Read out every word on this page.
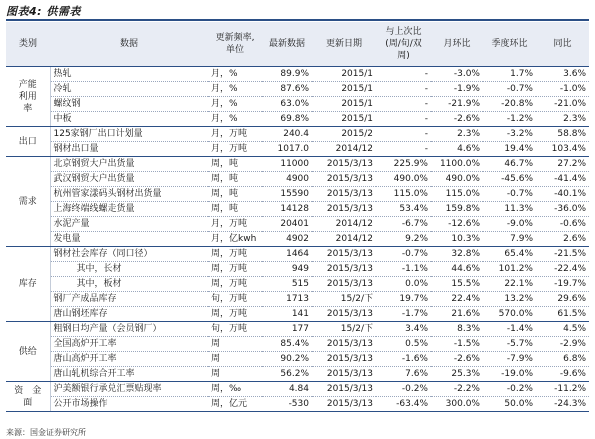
图表4: 供需表
类别	数据	更新频率,
单位	最新数据	更新日期	与上次比
(周/旬/双
周)	月环比	季度环比	同比
产能
利用
率	热轧	月，%	89.9%	2015/1	-	-3.0%	1.7%	3.6%
	冷轧	月，%	87.6%	2015/1	-	-1.9%	-0.7%	-1.0%
	螺纹钢	月，%	63.0%	2015/1	-	-21.9%	-20.8%	-21.0%
	中板	月，%	69.8%	2015/1	-	-2.6%	-1.2%	2.3%
出口	125家钢厂出口计划量	月，万吨	240.4	2015/2	-	2.3%	-3.2%	58.8%
	钢材出口量	月，万吨	1017.0	2014/12	-	4.6%	19.4%	103.4%
需求	北京钢贸大户出货量	周，吨	11000	2015/3/13	225.9%	1100.0%	46.7%	27.2%
	武汉钢贸大户出货量	周，吨	4900	2015/3/13	490.0%	490.0%	-45.6%	-41.4%
	杭州管家漾码头钢材出货量	周，吨	15590	2015/3/13	115.0%	115.0%	-0.7%	-40.1%
	上海终端线螺走货量	周，吨	14128	2015/3/13	53.4%	159.8%	11.3%	-36.0%
	水泥产量	月，万吨	20401	2014/12	-6.7%	-12.6%	-9.0%	-0.6%
	发电量	月，亿kwh	4902	2014/12	9.2%	10.3%	7.9%	2.6%
库存	钢材社会库存（同口径）	周，万吨	1464	2015/3/13	-0.7%	32.8%	65.4%	-21.5%
	其中，长材	周，万吨	949	2015/3/13	-1.1%	44.6%	101.2%	-22.4%
	其中，板材	周，万吨	515	2015/3/13	0.0%	15.5%	22.1%	-19.7%
	钢厂产成品库存	旬，万吨	1713	15/2/下	19.7%	22.4%	13.2%	29.6%
	唐山钢坯库存	周，万吨	141	2015/3/13	-1.7%	21.6%	570.0%	61.5%
供给	粗钢日均产量（会员钢厂）	旬，万吨	177	15/2/下	3.4%	8.3%	-1.4%	4.5%
	全国高炉开工率	周	85.4%	2015/3/13	0.5%	-1.5%	-5.7%	-2.9%
	唐山高炉开工率	周	90.2%	2015/3/13	-1.6%	-2.6%	-7.9%	6.8%
	唐山轧机综合开工率	周	56.2%	2015/3/13	7.6%	25.3%	-19.0%	-9.6%
资　金
面	沪美额银行承兑汇票贴现率	周，‰	4.84	2015/3/13	-0.2%	-2.2%	-0.2%	-11.2%
	公开市场操作	周，亿元	-530	2015/3/13	-63.4%	300.0%	50.0%	-24.3%
来源：国金证券研究所
